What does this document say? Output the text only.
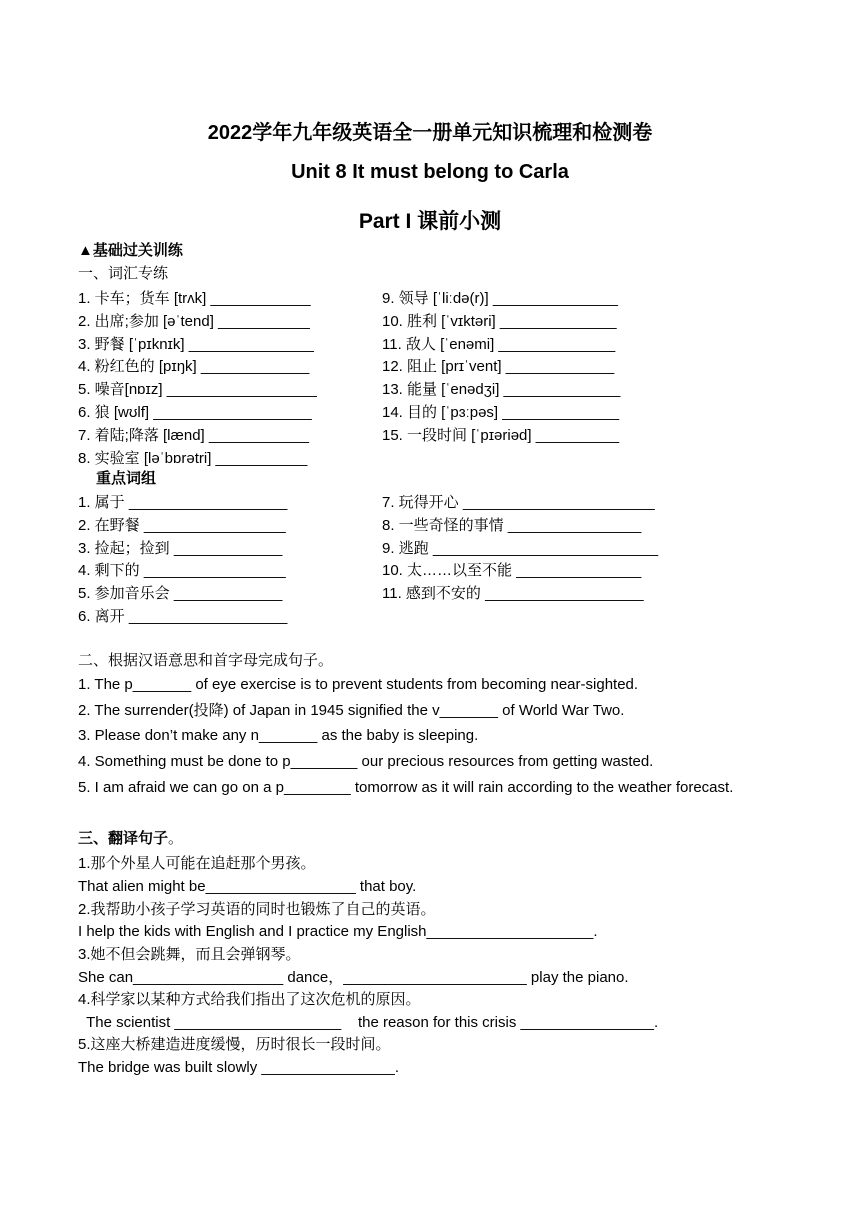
2022学年九年级英语全一册单元知识梳理和检测卷
Unit 8 It must belong to Carla
Part I 课前小测
▲基础过关训练
一、词汇专练
1. 卡车；货车 [trʌk] ____________
2. 出席;参加 [əˈtend] ___________
3. 野餐 [ˈpɪknɪk] _______________
4. 粉红色的 [pɪŋk] _____________
5. 噪音[nɒɪz] __________________
6. 狼 [wʊlf] ___________________
7. 着陆;降落 [lænd] ____________
8. 实验室 [ləˈbɒrətri] ___________
9. 领导 [ˈliːdə(r)] _______________
10. 胜利 [ˈvɪktəri] ______________
11. 敌人 [ˈenəmi] ______________
12. 阻止 [prɪˈvent] _____________
13. 能量 [ˈenədʒi] ______________
14. 目的 [ˈpɜːpəs] ______________
15. 一段时间 [ˈpɪəriəd] __________
重点词组
1. 属于 ___________________
2. 在野餐 _________________
3. 捡起；捡到 _____________
4. 剩下的 _________________
5. 参加音乐会 _____________
6. 离开 ___________________
7. 玩得开心 _______________________
8. 一些奇怪的事情 ________________
9. 逃跑 ___________________________
10. 太……以至不能 _______________
11. 感到不安的 ___________________
二、根据汉语意思和首字母完成句子。
1. The p_______ of eye exercise is to prevent students from becoming near-sighted.
2. The surrender(投降) of Japan in 1945 signified the v_______ of World War Two.
3. Please don’t make any n_______ as the baby is sleeping.
4. Something must be done to p________ our precious resources from getting wasted.
5. I am afraid we can go on a p________ tomorrow as it will rain according to the weather forecast.
三、翻译句子。
1.那个外星人可能在追赶那个男孩。
That alien might be__________________ that boy.
2.我帮助小孩子学习英语的同时也锻炼了自己的英语。
I help the kids with English and I practice my English____________________.
3.她不但会跳舞，而且会弹钢琴。
She can__________________ dance，______________________ play the piano.
4.科学家以某种方式给我们指出了这次危机的原因。
The scientist ____________________    the reason for this crisis ________________.
5.这座大桥建造进度缓慢，历时很长一段时间。
The bridge was built slowly ________________.
